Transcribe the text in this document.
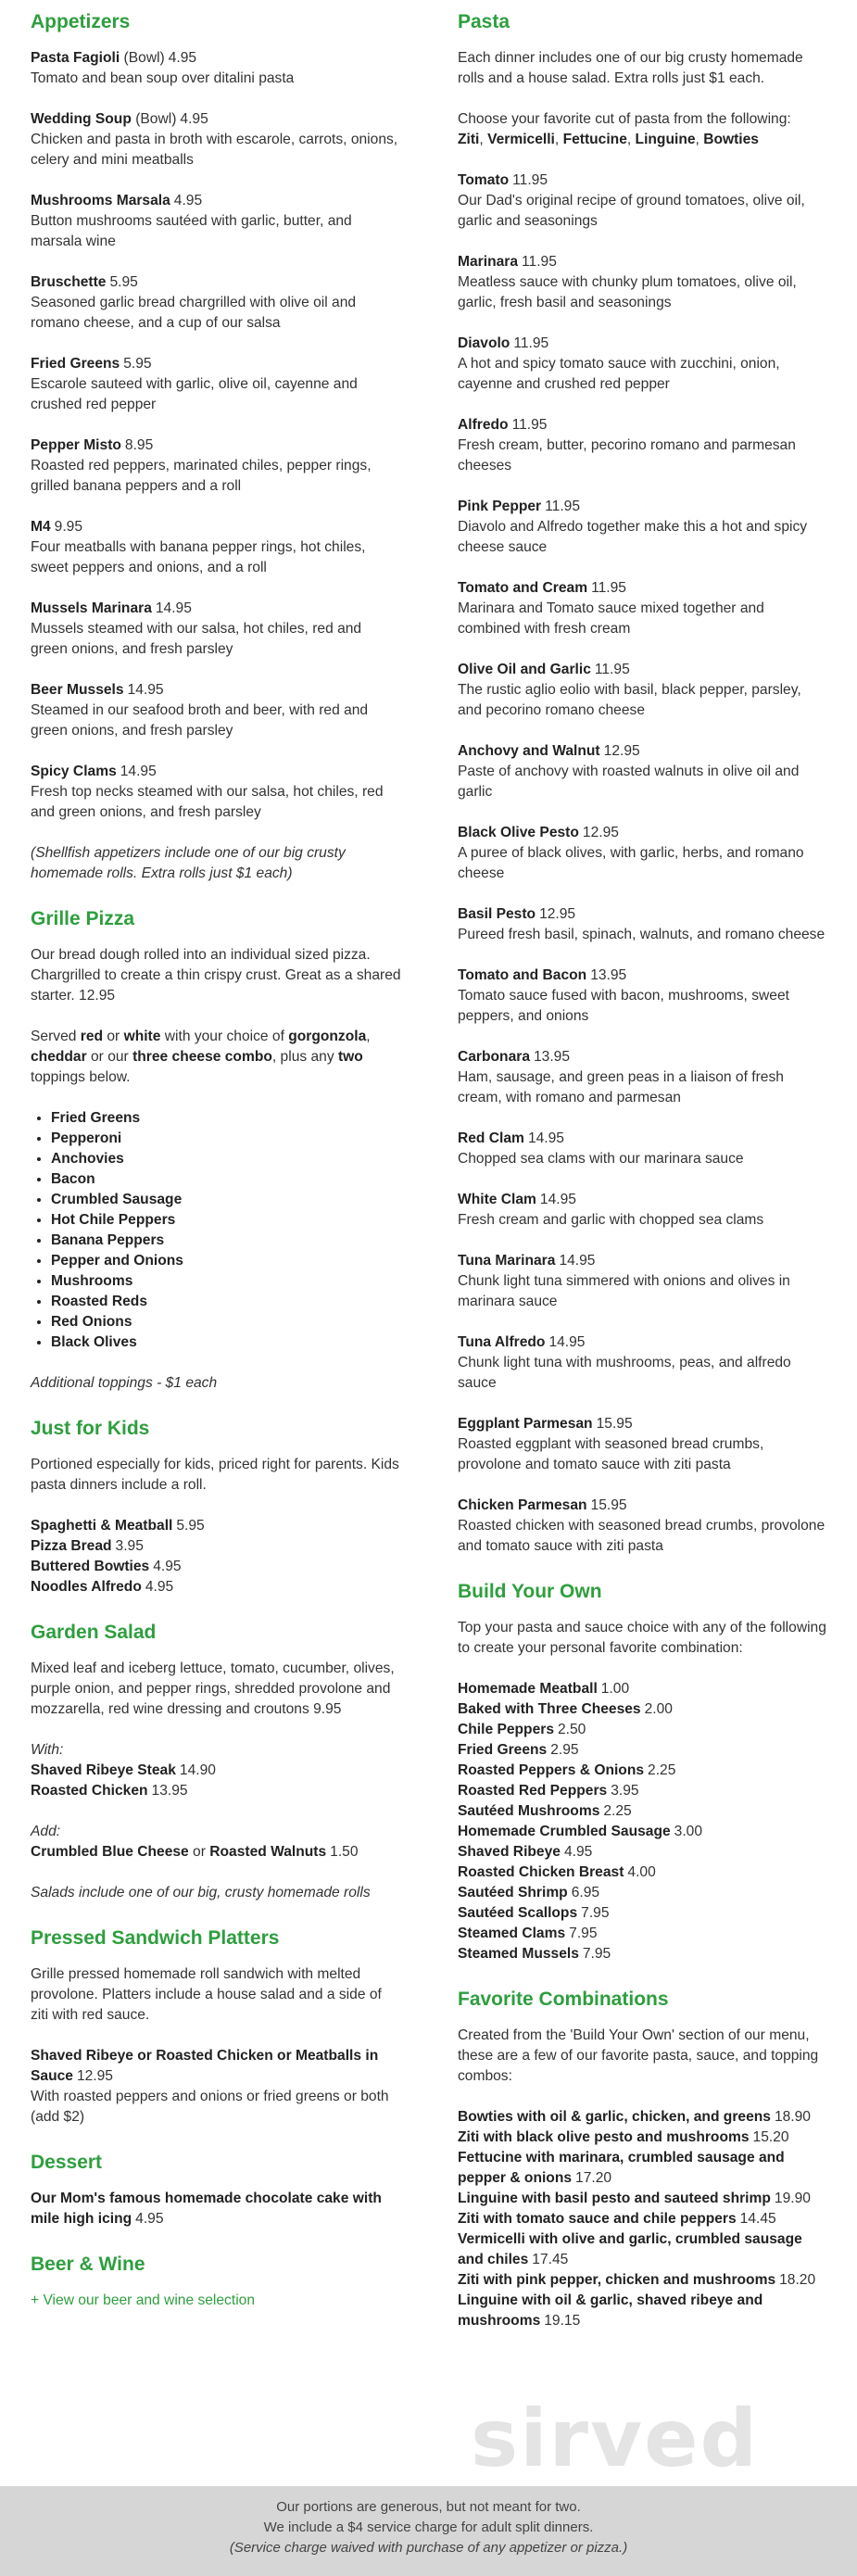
Appetizers
Pasta Fagioli (Bowl) 4.95
Tomato and bean soup over ditalini pasta
Wedding Soup (Bowl) 4.95
Chicken and pasta in broth with escarole, carrots, onions, celery and mini meatballs
Mushrooms Marsala 4.95
Button mushrooms sautéed with garlic, butter, and marsala wine
Bruschette 5.95
Seasoned garlic bread chargrilled with olive oil and romano cheese, and a cup of our salsa
Fried Greens 5.95
Escarole sauteed with garlic, olive oil, cayenne and crushed red pepper
Pepper Misto 8.95
Roasted red peppers, marinated chiles, pepper rings, grilled banana peppers and a roll
M4 9.95
Four meatballs with banana pepper rings, hot chiles, sweet peppers and onions, and a roll
Mussels Marinara 14.95
Mussels steamed with our salsa, hot chiles, red and green onions, and fresh parsley
Beer Mussels 14.95
Steamed in our seafood broth and beer, with red and green onions, and fresh parsley
Spicy Clams 14.95
Fresh top necks steamed with our salsa, hot chiles, red and green onions, and fresh parsley
(Shellfish appetizers include one of our big crusty homemade rolls. Extra rolls just $1 each)
Grille Pizza

Our bread dough rolled into an individual sized pizza. Chargrilled to create a thin crispy crust. Great as a shared starter. 12.95

Served red or white with your choice of gorgonzola, cheddar or our three cheese combo, plus any two toppings below.

• Fried Greens
• Pepperoni
• Anchovies
• Bacon
• Crumbled Sausage
• Hot Chile Peppers
• Banana Peppers
• Pepper and Onions
• Mushrooms
• Roasted Reds
• Red Onions
• Black Olives
Additional toppings - $1 each
Just for Kids

Portioned especially for kids, priced right for parents. Kids pasta dinners include a roll.

Spaghetti & Meatball 5.95
Pizza Bread 3.95
Buttered Bowties 4.95
Noodles Alfredo 4.95
Garden Salad

Mixed leaf and iceberg lettuce, tomato, cucumber, olives, purple onion, and pepper rings, shredded provolone and mozzarella, red wine dressing and croutons 9.95

With:
Shaved Ribeye Steak 14.90
Roasted Chicken 13.95
Add:
Crumbled Blue Cheese or Roasted Walnuts 1.50
Salads include one of our big, crusty homemade rolls
Pressed Sandwich Platters

Grille pressed homemade roll sandwich with melted provolone. Platters include a house salad and a side of ziti with red sauce.

Shaved Ribeye or Roasted Chicken or Meatballs in Sauce 12.95
With roasted peppers and onions or fried greens or both (add $2)
Dessert
Our Mom's famous homemade chocolate cake with mile high icing 4.95
Beer & Wine
+ View our beer and wine selection
Pasta

Each dinner includes one of our big crusty homemade rolls and a house salad. Extra rolls just $1 each.

Choose your favorite cut of pasta from the following:
Ziti, Vermicelli, Fettucine, Linguine, Bowties

Tomato 11.95
Our Dad's original recipe of ground tomatoes, olive oil, garlic and seasonings
Marinara 11.95
Meatless sauce with chunky plum tomatoes, olive oil, garlic, fresh basil and seasonings
Diavolo 11.95
A hot and spicy tomato sauce with zucchini, onion, cayenne and crushed red pepper
Alfredo 11.95
Fresh cream, butter, pecorino romano and parmesan cheeses
Pink Pepper 11.95
Diavolo and Alfredo together make this a hot and spicy cheese sauce
Tomato and Cream 11.95
Marinara and Tomato sauce mixed together and combined with fresh cream
Olive Oil and Garlic 11.95
The rustic aglio eolio with basil, black pepper, parsley, and pecorino romano cheese
Anchovy and Walnut 12.95
Paste of anchovy with roasted walnuts in olive oil and garlic
Black Olive Pesto 12.95
A puree of black olives, with garlic, herbs, and romano cheese
Basil Pesto 12.95
Pureed fresh basil, spinach, walnuts, and romano cheese
Tomato and Bacon 13.95
Tomato sauce fused with bacon, mushrooms, sweet peppers, and onions
Carbonara 13.95
Ham, sausage, and green peas in a liaison of fresh cream, with romano and parmesan
Red Clam 14.95
Chopped sea clams with our marinara sauce
White Clam 14.95
Fresh cream and garlic with chopped sea clams
Tuna Marinara 14.95
Chunk light tuna simmered with onions and olives in marinara sauce
Tuna Alfredo 14.95
Chunk light tuna with mushrooms, peas, and alfredo sauce
Eggplant Parmesan 15.95
Roasted eggplant with seasoned bread crumbs, provolone and tomato sauce with ziti pasta
Chicken Parmesan 15.95
Roasted chicken with seasoned bread crumbs, provolone and tomato sauce with ziti pasta
Build Your Own

Top your pasta and sauce choice with any of the following to create your personal favorite combination:

Homemade Meatball 1.00
Baked with Three Cheeses 2.00
Chile Peppers 2.50
Fried Greens 2.95
Roasted Peppers & Onions 2.25
Roasted Red Peppers 3.95
Sautéed Mushrooms 2.25
Homemade Crumbled Sausage 3.00
Shaved Ribeye 4.95
Roasted Chicken Breast 4.00
Sautéed Shrimp 6.95
Sautéed Scallops 7.95
Steamed Clams 7.95
Steamed Mussels 7.95
Favorite Combinations

Created from the 'Build Your Own' section of our menu, these are a few of our favorite pasta, sauce, and topping combos:

Bowties with oil & garlic, chicken, and greens 18.90
Ziti with black olive pesto and mushrooms 15.20
Fettucine with marinara, crumbled sausage and pepper & onions 17.20
Linguine with basil pesto and sauteed shrimp 19.90
Ziti with tomato sauce and chile peppers 14.45
Vermicelli with olive and garlic, crumbled sausage and chiles 17.45
Ziti with pink pepper, chicken and mushrooms 18.20
Linguine with oil & garlic, shaved ribeye and mushrooms 19.15
sirved
Our portions are generous, but not meant for two.
We include a $4 service charge for adult split dinners.
(Service charge waived with purchase of any appetizer or pizza.)
